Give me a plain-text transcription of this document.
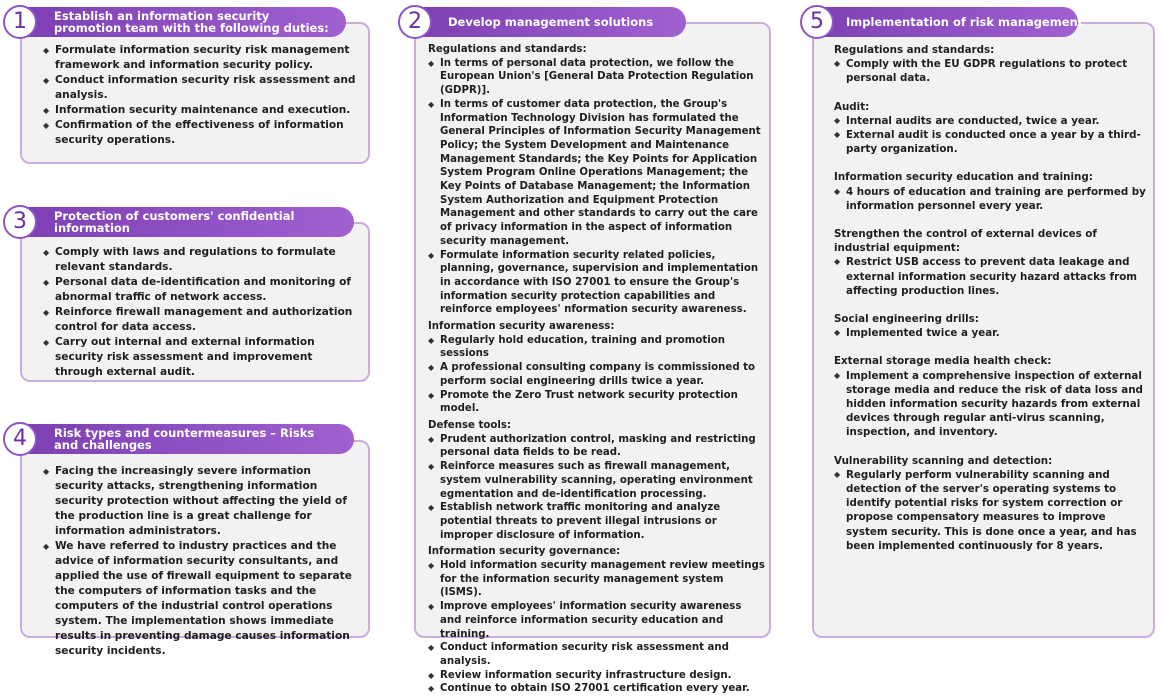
Establish an information security promotion team with the following duties:
1
◆ Formulate information security risk management framework and information security policy.
◆ Conduct information security risk assessment and analysis.
◆ Information security maintenance and execution.
◆ Confirmation of the effectiveness of information security operations.
Protection of customers' confidential information
3
◆ Comply with laws and regulations to formulate relevant standards.
◆ Personal data de-identification and monitoring of abnormal traffic of network access.
◆ Reinforce firewall management and authorization control for data access.
◆ Carry out internal and external information security risk assessment and improvement through external audit.
Risk types and countermeasures – Risks and challenges
4
◆ Facing the increasingly severe information security attacks, strengthening information security protection without affecting the yield of the production line is a great challenge for information administrators.
◆ We have referred to industry practices and the advice of information security consultants, and applied the use of firewall equipment to separate the computers of information tasks and the computers of the industrial control operations system. The implementation shows immediate results in preventing damage causes information security incidents.
Develop management solutions
2
Regulations and standards:
◆ In terms of personal data protection, we follow the European Union's [General Data Protection Regulation (GDPR)].
◆ In terms of customer data protection, the Group's Information Technology Division has formulated the General Principles of Information Security Management Policy; the System Development and Maintenance Management Standards; the Key Points for Application System Program Online Operations Management; the Key Points of Database Management; the Information System Authorization and Equipment Protection Management and other standards to carry out the care of privacy information in the aspect of information security management.
◆ Formulate information security related policies, planning, governance, supervision and implementation in accordance with ISO 27001 to ensure the Group's information security protection capabilities and reinforce employees' nformation security awareness.
Information security awareness:
◆ Regularly hold education, training and promotion sessions
◆ A professional consulting company is commissioned to perform social engineering drills twice a year.
◆ Promote the Zero Trust network security protection model.
Defense tools:
◆ Prudent authorization control, masking and restricting personal data fields to be read.
◆ Reinforce measures such as firewall management, system vulnerability scanning, operating environment egmentation and de-identification processing.
◆ Establish network traffic monitoring and analyze potential threats to prevent illegal intrusions or improper disclosure of information.
Information security governance:
◆ Hold information security management review meetings for the information security management system (ISMS).
◆ Improve employees' information security awareness and reinforce information security education and training.
◆ Conduct information security risk assessment and analysis.
◆ Review information security infrastructure design.
◆ Continue to obtain ISO 27001 certification every year.
Implementation of risk management
5
Regulations and standards:
◆ Comply with the EU GDPR regulations to protect personal data.
Audit:
◆ Internal audits are conducted, twice a year.
◆ External audit is conducted once a year by a third-party organization.
Information security education and training:
◆ 4 hours of education and training are performed by information personnel every year.
Strengthen the control of external devices of industrial equipment:
◆ Restrict USB access to prevent data leakage and external information security hazard attacks from affecting production lines.
Social engineering drills:
◆ Implemented twice a year.
External storage media health check:
◆ Implement a comprehensive inspection of external storage media and reduce the risk of data loss and hidden information security hazards from external devices through regular anti-virus scanning, inspection, and inventory.
Vulnerability scanning and detection:
◆ Regularly perform vulnerability scanning and detection of the server's operating systems to identify potential risks for system correction or propose compensatory measures to improve system security. This is done once a year, and has been implemented continuously for 8 years.
